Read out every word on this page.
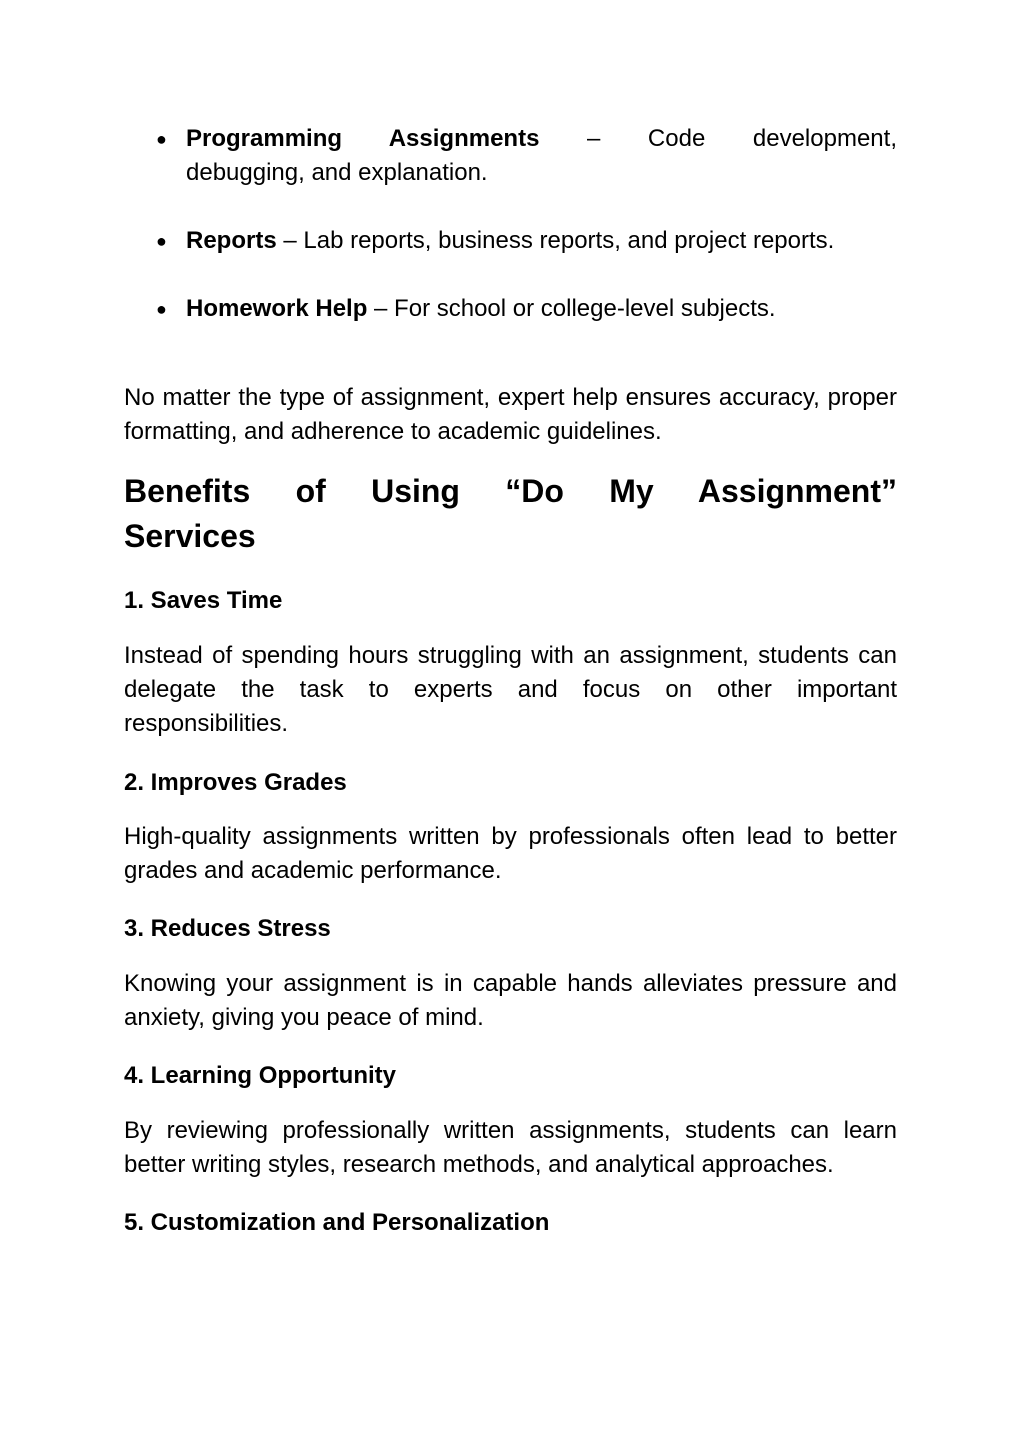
● Programming Assignments – Code development,
debugging, and explanation.
● Reports – Lab reports, business reports, and project reports.
● Homework Help – For school or college-level subjects.
No matter the type of assignment, expert help ensures accuracy, proper formatting, and adherence to academic guidelines.
Benefits of Using “Do My Assignment”
Services
1. Saves Time
Instead of spending hours struggling with an assignment, students can delegate the task to experts and focus on other important responsibilities.
2. Improves Grades
High-quality assignments written by professionals often lead to better grades and academic performance.
3. Reduces Stress
Knowing your assignment is in capable hands alleviates pressure and anxiety, giving you peace of mind.
4. Learning Opportunity
By reviewing professionally written assignments, students can learn better writing styles, research methods, and analytical approaches.
5. Customization and Personalization
